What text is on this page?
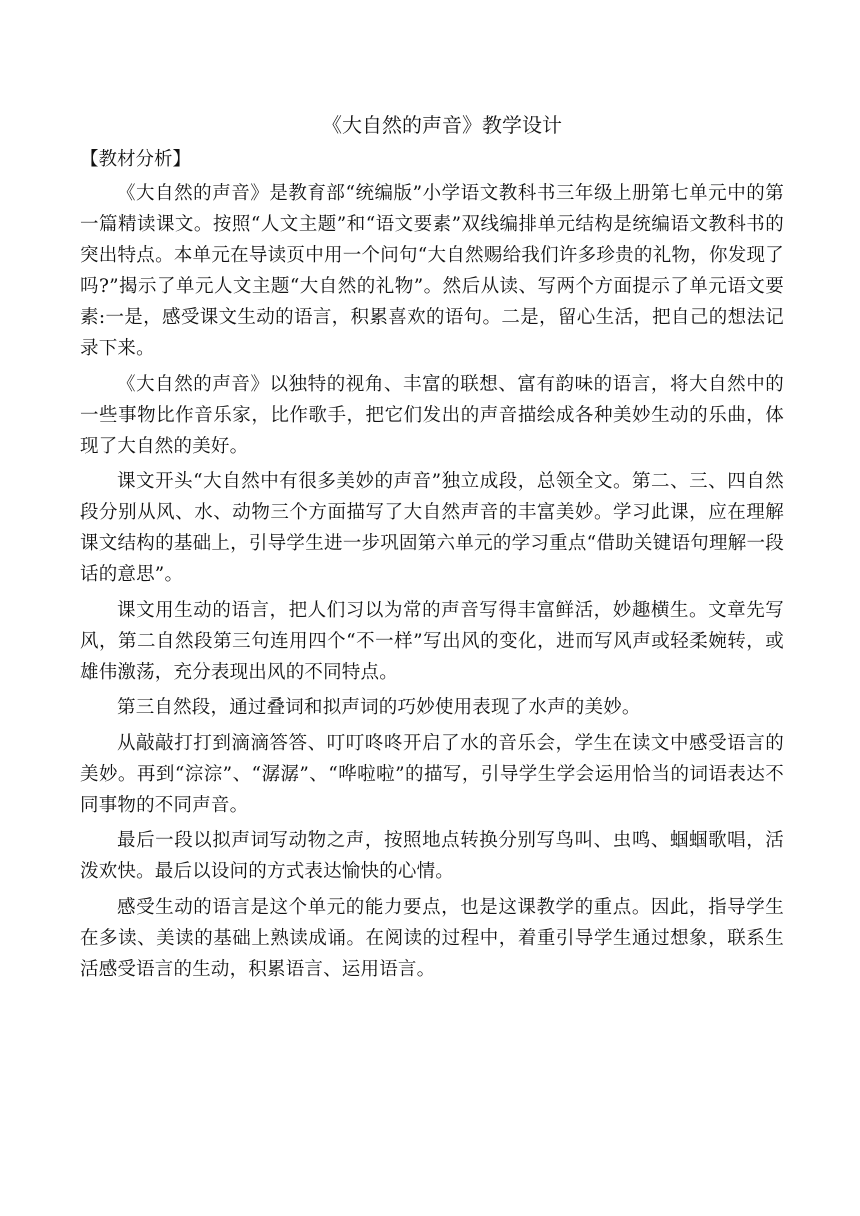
《大自然的声音》教学设计
【教材分析】

《大自然的声音》是教育部“统编版”小学语文教科书三年级上册第七单元中的第一篇精读课文。按照“人文主题”和“语文要素”双线编排单元结构是统编语文教科书的突出特点。本单元在导读页中用一个问句“大自然赐给我们许多珍贵的礼物，你发现了吗?”揭示了单元人文主题“大自然的礼物”。然后从读、写两个方面提示了单元语文要素:一是，感受课文生动的语言，积累喜欢的语句。二是，留心生活，把自己的想法记录下来。

《大自然的声音》以独特的视角、丰富的联想、富有韵味的语言，将大自然中的一些事物比作音乐家，比作歌手，把它们发出的声音描绘成各种美妙生动的乐曲，体现了大自然的美好。

课文开头“大自然中有很多美妙的声音”独立成段，总领全文。第二、三、四自然段分别从风、水、动物三个方面描写了大自然声音的丰富美妙。学习此课，应在理解课文结构的基础上，引导学生进一步巩固第六单元的学习重点“借助关键语句理解一段话的意思”。

课文用生动的语言，把人们习以为常的声音写得丰富鲜活，妙趣横生。文章先写风，第二自然段第三句连用四个“不一样”写出风的变化，进而写风声或轻柔婉转，或雄伟激荡，充分表现出风的不同特点。

第三自然段，通过叠词和拟声词的巧妙使用表现了水声的美妙。

从敲敲打打到滴滴答答、叮叮咚咚开启了水的音乐会，学生在读文中感受语言的美妙。再到“淙淙”、“潺潺”、“哗啦啦”的描写，引导学生学会运用恰当的词语表达不同事物的不同声音。

最后一段以拟声词写动物之声，按照地点转换分别写鸟叫、虫鸣、蝈蝈歌唱，活泼欢快。最后以设问的方式表达愉快的心情。

感受生动的语言是这个单元的能力要点，也是这课教学的重点。因此，指导学生在多读、美读的基础上熟读成诵。在阅读的过程中，着重引导学生通过想象，联系生活感受语言的生动，积累语言、运用语言。
